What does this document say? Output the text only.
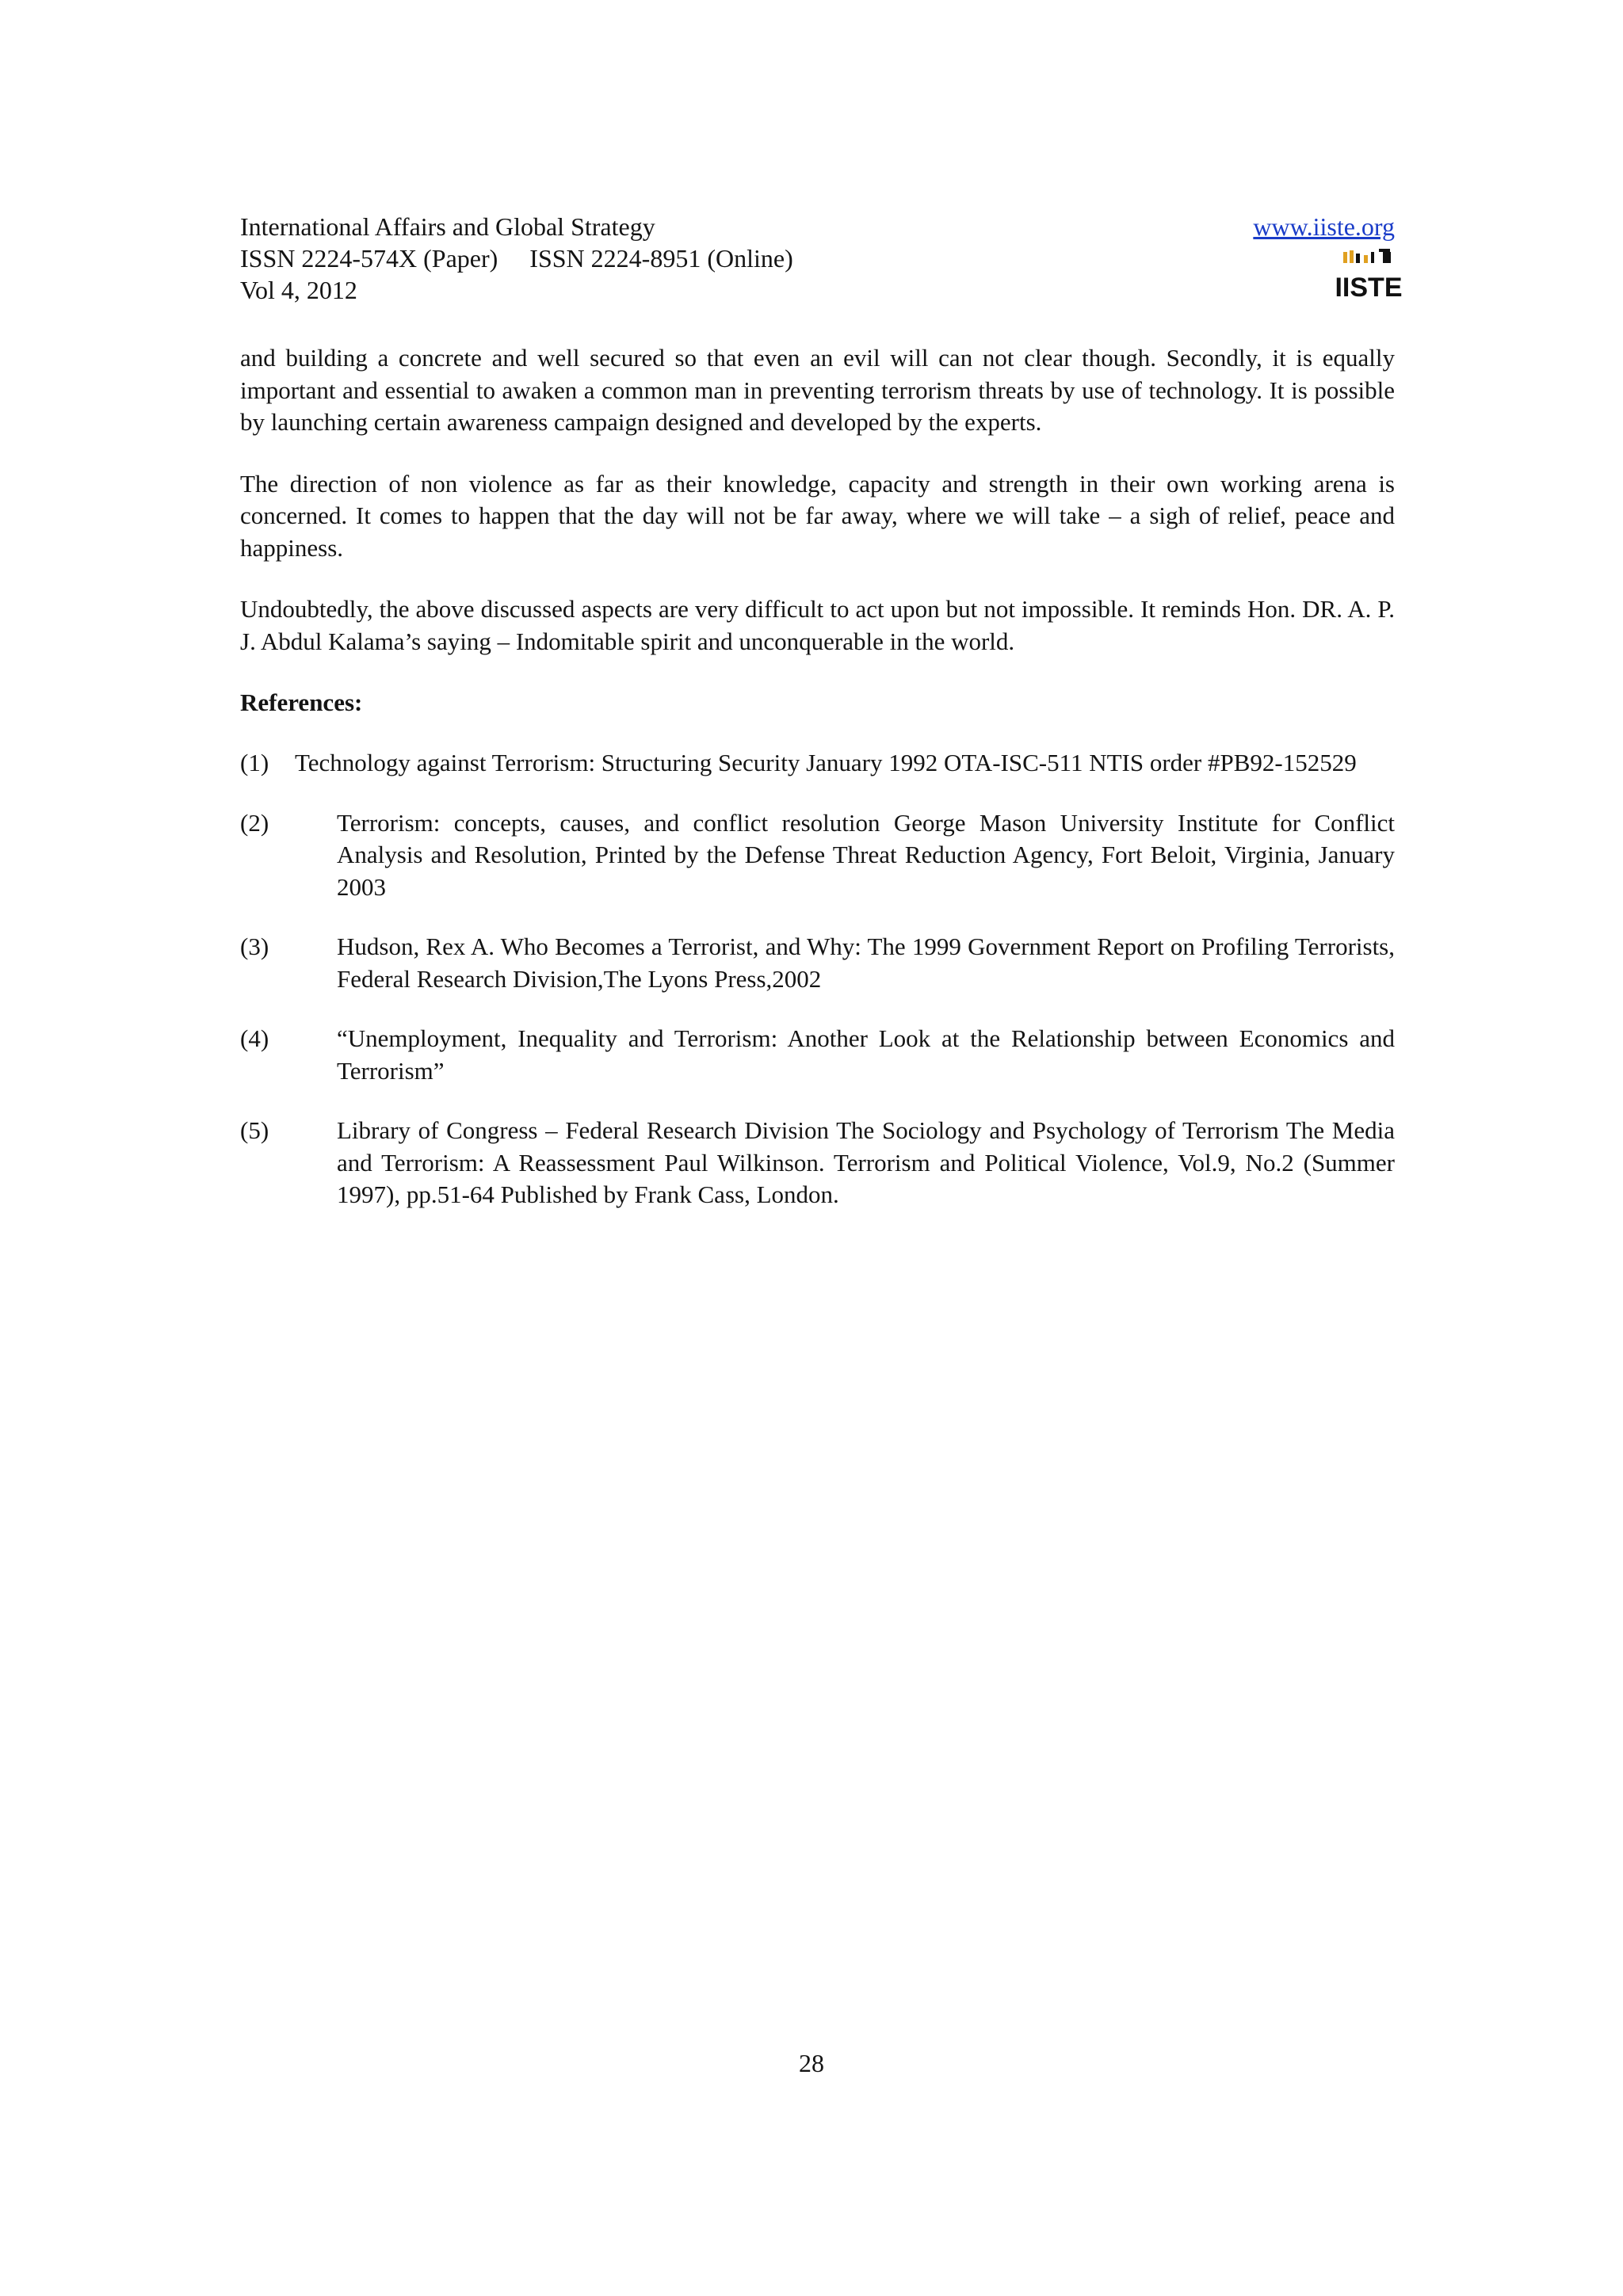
International Affairs and Global Strategy
ISSN 2224-574X (Paper) ISSN 2224-8951 (Online)
Vol 4, 2012
www.iiste.org
IISTE

and building a concrete and well secured so that even an evil will can not clear though. Secondly, it is equally important and essential to awaken a common man in preventing terrorism threats by use of technology. It is possible by launching certain awareness campaign designed and developed by the experts.

The direction of non violence as far as their knowledge, capacity and strength in their own working arena is concerned. It comes to happen that the day will not be far away, where we will take – a sigh of relief, peace and happiness.

Undoubtedly, the above discussed aspects are very difficult to act upon but not impossible. It reminds Hon. DR. A. P. J. Abdul Kalama’s saying – Indomitable spirit and unconquerable in the world.

References:
(1) Technology against Terrorism: Structuring Security January 1992 OTA-ISC-511 NTIS order #PB92-152529
(2)	Terrorism: concepts, causes, and conflict resolution George Mason University Institute for Conflict Analysis and Resolution, Printed by the Defense Threat Reduction Agency, Fort Beloit, Virginia, January 2003
(3)	Hudson, Rex A. Who Becomes a Terrorist, and Why: The 1999 Government Report on Profiling Terrorists, Federal Research Division,The Lyons Press,2002
(4)	“Unemployment, Inequality and Terrorism: Another Look at the Relationship between Economics and Terrorism”
(5)	Library of Congress – Federal Research Division The Sociology and Psychology of Terrorism The Media and Terrorism: A Reassessment Paul Wilkinson. Terrorism and Political Violence, Vol.9, No.2 (Summer 1997), pp.51-64 Published by Frank Cass, London.
28
